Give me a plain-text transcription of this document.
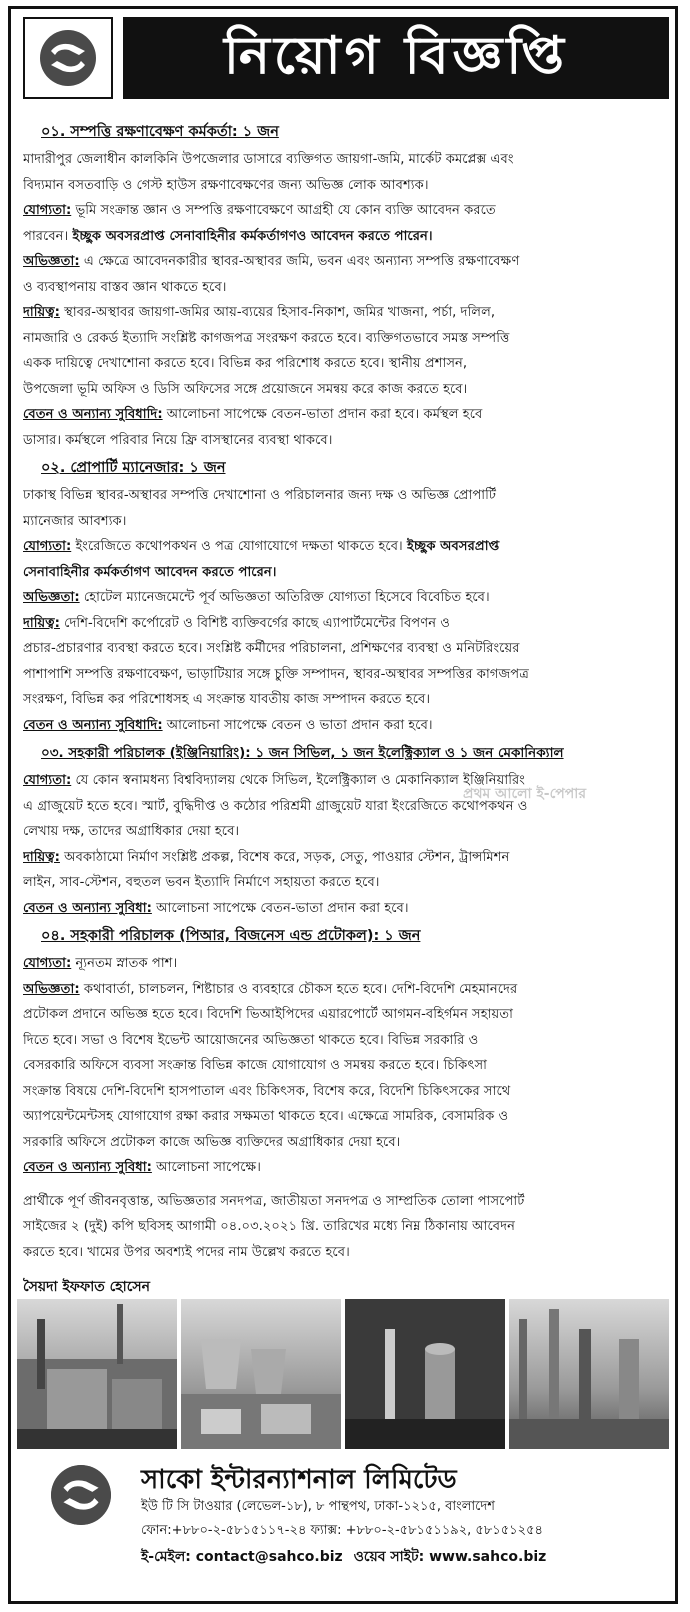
নিয়োগ বিজ্ঞপ্তি
০১. সম্পত্তি রক্ষণাবেক্ষণ কর্মকর্তা: ১ জন

মাদারীপুর জেলাধীন কালকিনি উপজেলার ডাসারে ব্যক্তিগত জায়গা-জমি, মার্কেট কমপ্লেক্স এবং

বিদ্যমান বসতবাড়ি ও গেস্ট হাউস রক্ষণাবেক্ষণের জন্য অভিজ্ঞ লোক আবশ্যক।

যোগ্যতা: ভূমি সংক্রান্ত জ্ঞান ও সম্পত্তি রক্ষণাবেক্ষণে আগ্রহী যে কোন ব্যক্তি আবেদন করতে

পারবেন। ইচ্ছুক অবসরপ্রাপ্ত সেনাবাহিনীর কর্মকর্তাগণও আবেদন করতে পারেন।

অভিজ্ঞতা: এ ক্ষেত্রে আবেদনকারীর স্থাবর-অস্থাবর জমি, ভবন এবং অন্যান্য সম্পত্তি রক্ষণাবেক্ষণ

ও ব্যবস্থাপনায় বাস্তব জ্ঞান থাকতে হবে।

দায়িত্ব: স্থাবর-অস্থাবর জায়গা-জমির আয়-ব্যয়ের হিসাব-নিকাশ, জমির খাজনা, পর্চা, দলিল,

নামজারি ও রেকর্ড ইত্যাদি সংশ্লিষ্ট কাগজপত্র সংরক্ষণ করতে হবে। ব্যক্তিগতভাবে সমস্ত সম্পত্তি

একক দায়িত্বে দেখাশোনা করতে হবে। বিভিন্ন কর পরিশোধ করতে হবে। স্থানীয় প্রশাসন,

উপজেলা ভূমি অফিস ও ডিসি অফিসের সঙ্গে প্রয়োজনে সমন্বয় করে কাজ করতে হবে।

বেতন ও অন্যান্য সুবিধাদি: আলোচনা সাপেক্ষে বেতন-ভাতা প্রদান করা হবে। কর্মস্থল হবে

ডাসার। কর্মস্থলে পরিবার নিয়ে ফ্রি বাসস্থানের ব্যবস্থা থাকবে।

০২. প্রোপার্টি ম্যানেজার: ১ জন

ঢাকাস্থ বিভিন্ন স্থাবর-অস্থাবর সম্পত্তি দেখাশোনা ও পরিচালনার জন্য দক্ষ ও অভিজ্ঞ প্রোপার্টি

ম্যানেজার আবশ্যক।

যোগ্যতা: ইংরেজিতে কথোপকথন ও পত্র যোগাযোগে দক্ষতা থাকতে হবে। ইচ্ছুক অবসরপ্রাপ্ত

সেনাবাহিনীর কর্মকর্তাগণ আবেদন করতে পারেন।

অভিজ্ঞতা: হোটেল ম্যানেজমেন্টে পূর্ব অভিজ্ঞতা অতিরিক্ত যোগ্যতা হিসেবে বিবেচিত হবে।

দায়িত্ব: দেশি-বিদেশি কর্পোরেট ও বিশিষ্ট ব্যক্তিবর্গের কাছে এ্যাপার্টমেন্টের বিপণন ও

প্রচার-প্রচারণার ব্যবস্থা করতে হবে। সংশ্লিষ্ট কর্মীদের পরিচালনা, প্রশিক্ষণের ব্যবস্থা ও মনিটরিংয়ের

পাশাপাশি সম্পত্তি রক্ষণাবেক্ষণ, ভাড়াটিয়ার সঙ্গে চুক্তি সম্পাদন, স্থাবর-অস্থাবর সম্পত্তির কাগজপত্র

সংরক্ষণ, বিভিন্ন কর পরিশোধসহ এ সংক্রান্ত যাবতীয় কাজ সম্পাদন করতে হবে।

বেতন ও অন্যান্য সুবিধাদি: আলোচনা সাপেক্ষে বেতন ও ভাতা প্রদান করা হবে।

০৩. সহকারী পরিচালক (ইঞ্জিনিয়ারিং): ১ জন সিভিল, ১ জন ইলেক্ট্রিক্যাল ও ১ জন মেকানিক্যাল

যোগ্যতা: যে কোন স্বনামধন্য বিশ্ববিদ্যালয় থেকে সিভিল, ইলেক্ট্রিক্যাল ও মেকানিক্যাল ইঞ্জিনিয়ারিং

এ গ্রাজুয়েট হতে হবে। স্মার্ট, বুদ্ধিদীপ্ত ও কঠোর পরিশ্রমী গ্রাজুয়েট যারা ইংরেজিতে কথোপকথন ও

লেখায় দক্ষ, তাদের অগ্রাধিকার দেয়া হবে।

দায়িত্ব: অবকাঠামো নির্মাণ সংশ্লিষ্ট প্রকল্প, বিশেষ করে, সড়ক, সেতু, পাওয়ার স্টেশন, ট্রান্সমিশন

লাইন, সাব-স্টেশন, বহুতল ভবন ইত্যাদি নির্মাণে সহায়তা করতে হবে।

বেতন ও অন্যান্য সুবিধা: আলোচনা সাপেক্ষে বেতন-ভাতা প্রদান করা হবে।

প্রথম আলো ই-পেপার
০৪. সহকারী পরিচালক (পিআর, বিজনেস এন্ড প্রটোকল): ১ জন

যোগ্যতা: ন্যূনতম স্নাতক পাশ।

অভিজ্ঞতা: কথাবার্তা, চালচলন, শিষ্টাচার ও ব্যবহারে চৌকস হতে হবে। দেশি-বিদেশি মেহমানদের

প্রটোকল প্রদানে অভিজ্ঞ হতে হবে। বিদেশি ভিআইপিদের এয়ারপোর্টে আগমন-বহির্গমন সহায়তা

দিতে হবে। সভা ও বিশেষ ইভেন্ট আয়োজনের অভিজ্ঞতা থাকতে হবে। বিভিন্ন সরকারি ও

বেসরকারি অফিসে ব্যবসা সংক্রান্ত বিভিন্ন কাজে যোগাযোগ ও সমন্বয় করতে হবে। চিকিৎসা

সংক্রান্ত বিষয়ে দেশি-বিদেশি হাসপাতাল এবং চিকিৎসক, বিশেষ করে, বিদেশি চিকিৎসকের সাথে

অ্যাপয়েন্টমেন্টসহ যোগাযোগ রক্ষা করার সক্ষমতা থাকতে হবে। এক্ষেত্রে সামরিক, বেসামরিক ও

সরকারি অফিসে প্রটোকল কাজে অভিজ্ঞ ব্যক্তিদের অগ্রাধিকার দেয়া হবে।

বেতন ও অন্যান্য সুবিধা: আলোচনা সাপেক্ষে।

প্রার্থীকে পূর্ণ জীবনবৃত্তান্ত, অভিজ্ঞতার সনদপত্র, জাতীয়তা সনদপত্র ও সাম্প্রতিক তোলা পাসপোর্ট

সাইজের ২ (দুই) কপি ছবিসহ আগামী ০৪.০৩.২০২১ খ্রি. তারিখের মধ্যে নিম্ন ঠিকানায় আবেদন

করতে হবে। খামের উপর অবশ্যই পদের নাম উল্লেখ করতে হবে।

সৈয়দা ইফফাত হোসেন
সাকো ইন্টারন্যাশনাল লিমিটেড
ইউ টি সি টাওয়ার (লেভেল-১৮), ৮ পান্থপথ, ঢাকা-১২১৫, বাংলাদেশ
ফোন:+৮৮০-২-৫৮১৫১১৭-২৪ ফ্যাক্স: +৮৮০-২-৫৮১৫১১৯২, ৫৮১৫১২৫৪
ই-মেইল: contact@sahco.biz ওয়েব সাইট: www.sahco.biz
